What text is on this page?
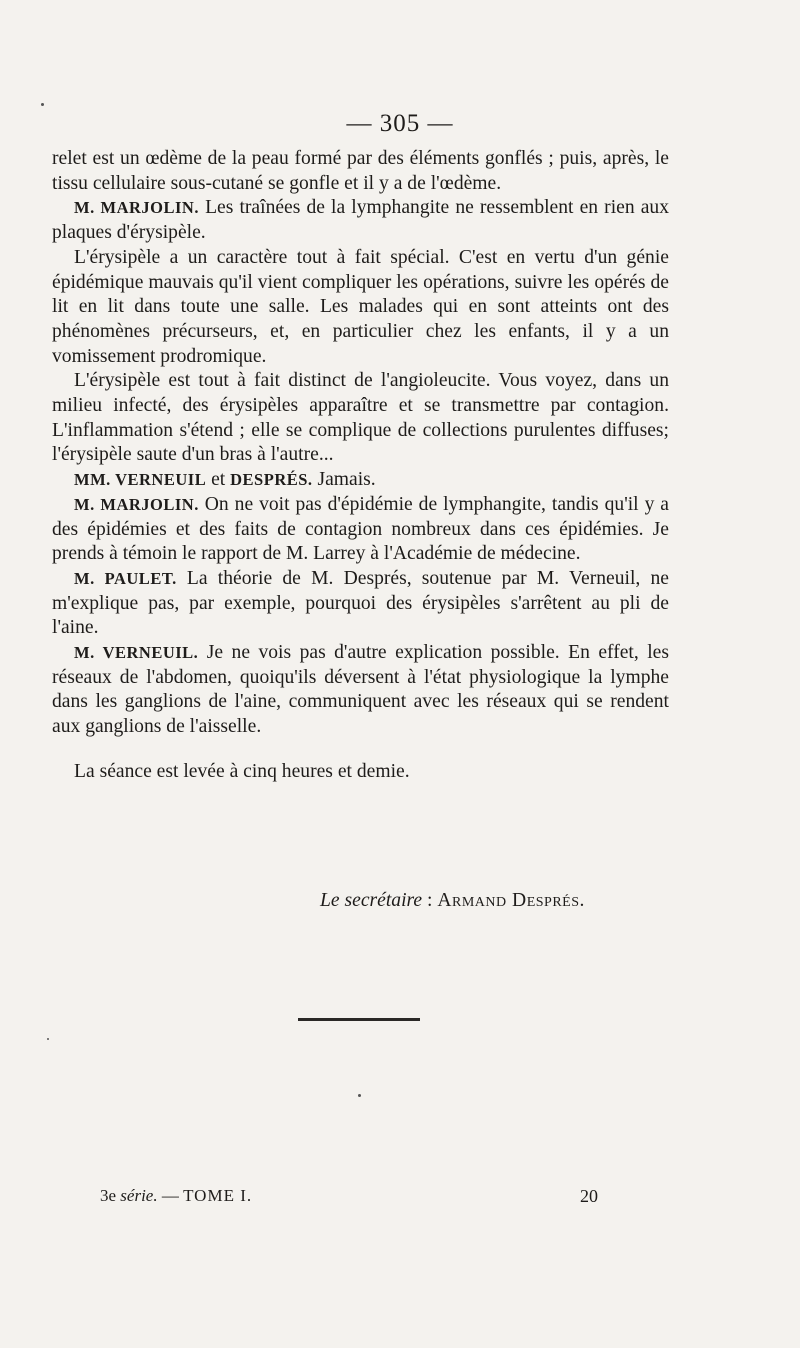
— 305 —

relet est un œdème de la peau formé par des éléments gonflés ; puis, après, le tissu cellulaire sous-cutané se gonfle et il y a de l'œdème.

M. MARJOLIN. Les traînées de la lymphangite ne ressemblent en rien aux plaques d'érysipèle.

L'érysipèle a un caractère tout à fait spécial. C'est en vertu d'un génie épidémique mauvais qu'il vient compliquer les opérations, suivre les opérés de lit en lit dans toute une salle. Les malades qui en sont atteints ont des phénomènes précurseurs, et, en particulier chez les enfants, il y a un vomissement prodromique.

L'érysipèle est tout à fait distinct de l'angioleucite. Vous voyez, dans un milieu infecté, des érysipèles apparaître et se transmettre par contagion. L'inflammation s'étend ; elle se complique de collections purulentes diffuses; l'érysipèle saute d'un bras à l'autre...

MM. VERNEUIL et DESPRÉS. Jamais.

M. MARJOLIN. On ne voit pas d'épidémie de lymphangite, tandis qu'il y a des épidémies et des faits de contagion nombreux dans ces épidémies. Je prends à témoin le rapport de M. Larrey à l'Académie de médecine.

M. PAULET. La théorie de M. Després, soutenue par M. Verneuil, ne m'explique pas, par exemple, pourquoi des érysipèles s'arrêtent au pli de l'aine.

M. VERNEUIL. Je ne vois pas d'autre explication possible. En effet, les réseaux de l'abdomen, quoiqu'ils déversent à l'état physiologique la lymphe dans les ganglions de l'aine, communiquent avec les réseaux qui se rendent aux ganglions de l'aisselle.

La séance est levée à cinq heures et demie.

Le secrétaire : Armand Després.
3e série. — TOME I.	20
